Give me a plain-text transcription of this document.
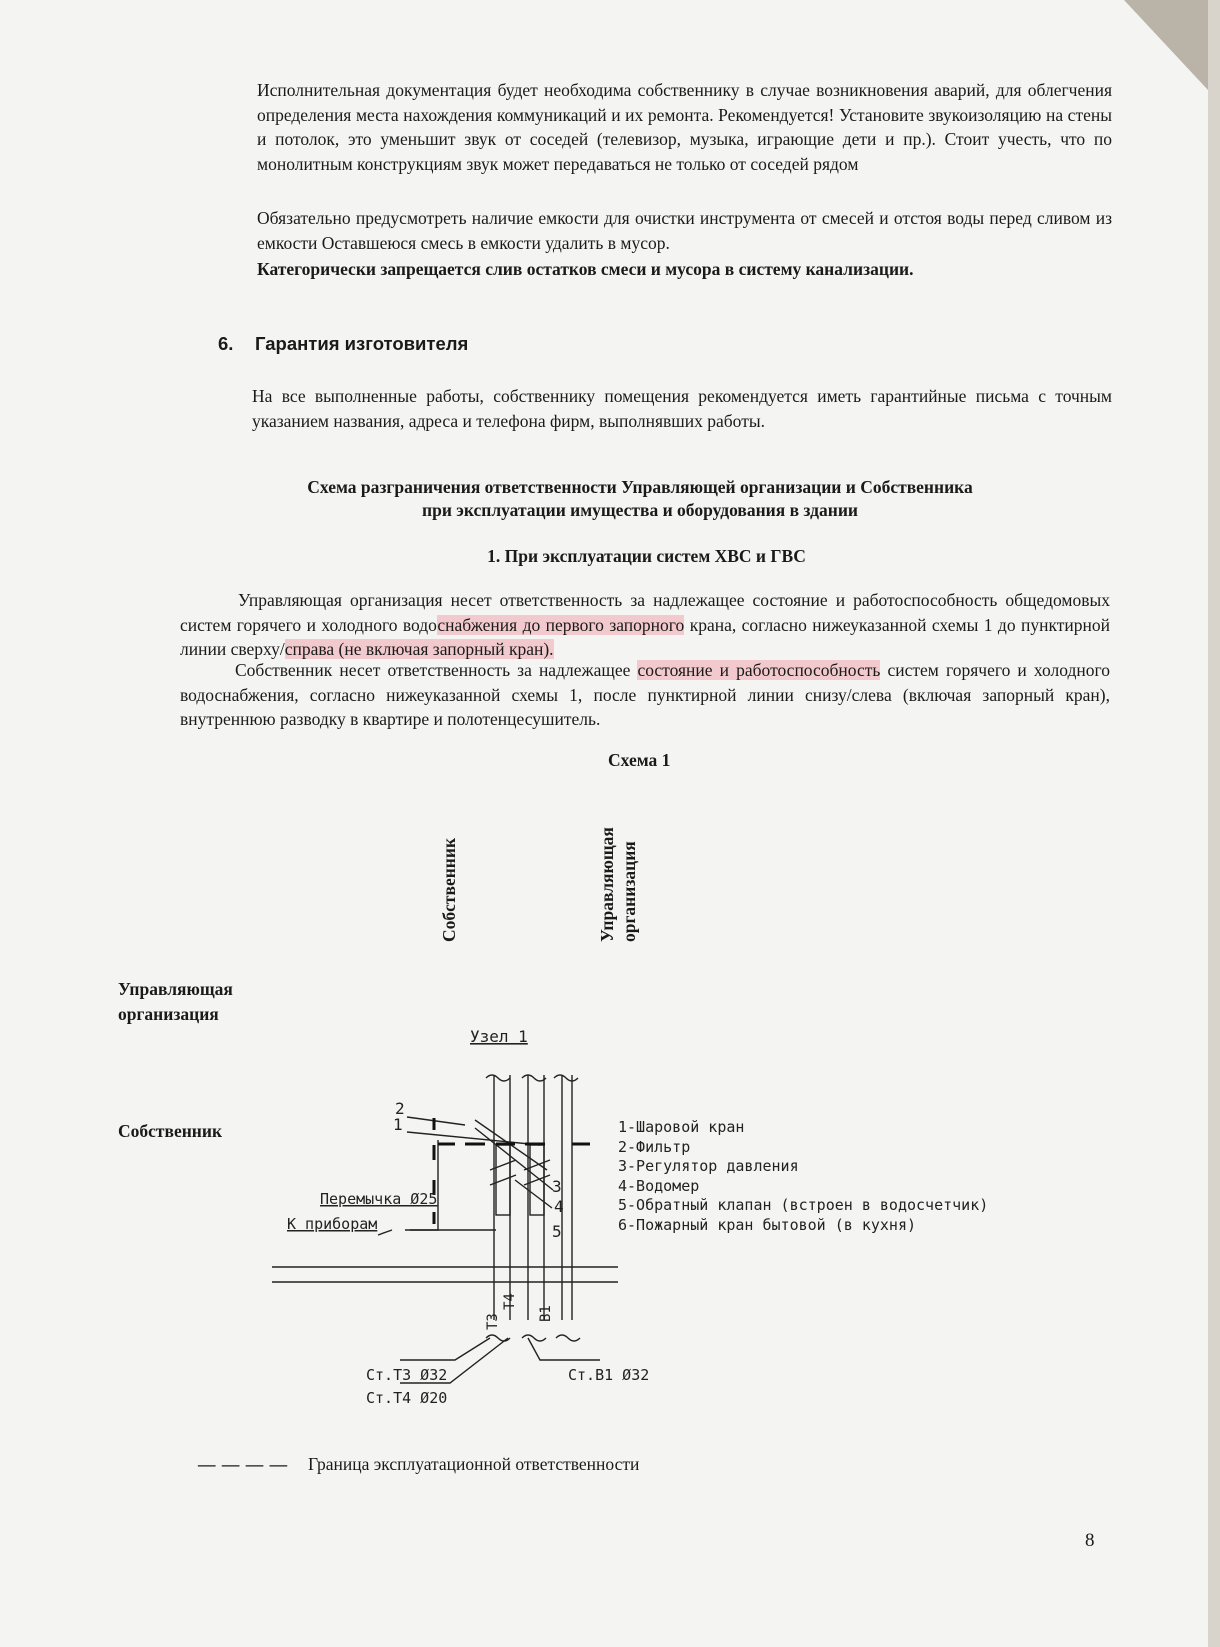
Исполнительная документация будет необходима собственнику в случае возникновения аварий, для облегчения определения места нахождения коммуникаций и их ремонта. Рекомендуется! Установите звукоизоляцию на стены и потолок, это уменьшит звук от соседей (телевизор, музыка, играющие дети и пр.). Стоит учесть, что по монолитным конструкциям звук может передаваться не только от соседей рядом
Обязательно предусмотреть наличие емкости для очистки инструмента от смесей и отстоя воды перед сливом из емкости Оставшеюся смесь в емкости удалить в мусор.
Категорически запрещается слив остатков смеси и мусора в систему канализации.
6. Гарантия изготовителя
На все выполненные работы, собственнику помещения рекомендуется иметь гарантийные письма с точным указанием названия, адреса и телефона фирм, выполнявших работы.
Схема разграничения ответственности Управляющей организации и Собственника
при эксплуатации имущества и оборудования в здании
1. При эксплуатации систем ХВС и ГВС
Управляющая организация несет ответственность за надлежащее состояние и работоспособность общедомовых систем горячего и холодного водоснабжения до первого запорного крана, согласно нижеуказанной схемы 1 до пунктирной линии сверху/справа (не включая запорный кран).
Собственник несет ответственность за надлежащее состояние и работоспособность систем горячего и холодного водоснабжения, согласно нижеуказанной схемы 1, после пунктирной линии снизу/слева (включая запорный кран), внутреннюю разводку в квартире и полотенцесушитель.
Схема 1
Собственник	Управляющая организация
Управляющая организация
Собственник
Узел 1
2
1
3
4
5
Перемычка Ø25
К приборам
Т3
Т4
В1
Ст.Т3 Ø32
Ст.Т4 Ø20
Ст.В1 Ø32
1-Шаровой кран
2-Фильтр
3-Регулятор давления
4-Водомер
5-Обратный клапан (встроен в водосчетчик)
6-Пожарный кран бытовой (в кухня)
— — — — Граница эксплуатационной ответственности
8
